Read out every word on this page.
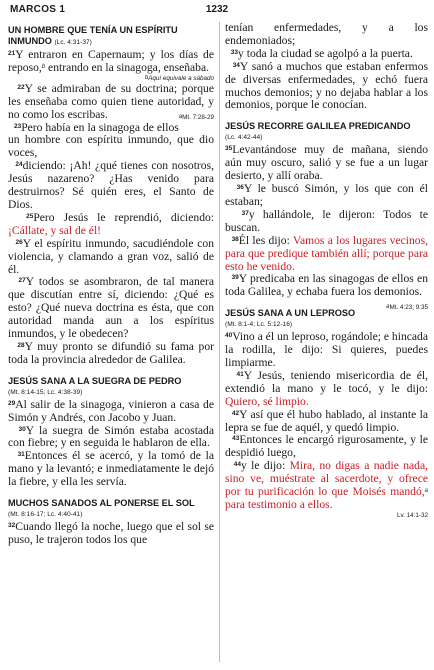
MARCOS 1	1232
UN HOMBRE QUE TENÍA UN ESPÍRITU INMUNDO (Lc. 4:31-37)

$^{21}$Y entraron en Capernaum; y los días de reposo,$^b$ entrando en la sinagoga, enseñaba.

$^b$Aquí equivale a sábado

$^{22}$Y se admiraban de su doctrina; porque les enseñaba como quien tiene autoridad, y no como los escribas.	$^a$Mt. 7:28-29

$^{23}$Pero había en la sinagoga de ellos un hombre con espíritu inmundo, que dio voces,

$^{24}$diciendo: ¡Ah! ¿qué tienes con nosotros, Jesús nazareno? ¿Has venido para destruirnos? Sé quién eres, el Santo de Dios.

$^{25}$Pero Jesús le reprendió, diciendo: ¡Cállate, y sal de él!

$^{26}$Y el espíritu inmundo, sacudiéndole con violencia, y clamando a gran voz, salió de él.

$^{27}$Y todos se asombraron, de tal manera que discutían entre sí, diciendo: ¿Qué es esto? ¿Qué nueva doctrina es ésta, que con autoridad manda aun a los espíritus inmundos, y le obedecen?

$^{28}$Y muy pronto se difundió su fama por toda la provincia alrededor de Galilea.

JESÚS SANA A LA SUEGRA DE PEDRO
(Mt. 8:14-15; Lc. 4:38-39)

$^{29}$Al salir de la sinagoga, vinieron a casa de Simón y Andrés, con Jacobo y Juan.

$^{30}$Y la suegra de Simón estaba acostada con fiebre; y en seguida le hablaron de ella.

$^{31}$Entonces él se acercó, y la tomó de la mano y la levantó; e inmediatamente le dejó la fiebre, y ella les servía.

MUCHOS SANADOS AL PONERSE EL SOL
(Mt. 8:16-17; Lc. 4:40-41)

$^{32}$Cuando llegó la noche, luego que el sol se puso, le trajeron todos los que

tenían enfermedades, y a los endemoniados;

$^{33}$y toda la ciudad se agolpó a la puerta.

$^{34}$Y sanó a muchos que estaban enfermos de diversas enfermedades, y echó fuera muchos demonios; y no dejaba hablar a los demonios, porque le conocían.

JESÚS RECORRE GALILEA PREDICANDO
(Lc. 4:42-44)

$^{35}$Levantándose muy de mañana, siendo aún muy oscuro, salió y se fue a un lugar desierto, y allí oraba.

$^{36}$Y le buscó Simón, y los que con él estaban;

$^{37}$y hallándole, le dijeron: Todos te buscan.

$^{38}$Él les dijo: Vamos a los lugares vecinos, para que predique también allí; porque para esto he venido.

$^{39}$Y predicaba en las sinagogas de ellos en toda Galilea, y echaba fuera los demonios.
$^a$Mt. 4:23; 9:35

JESÚS SANA A UN LEPROSO
(Mt. 8:1-4; Lc. 5:12-16)

$^{40}$Vino a él un leproso, rogándole; e hincada la rodilla, le dijo: Si quieres, puedes limpiarme.

$^{41}$Y Jesús, teniendo misericordia de él, extendió la mano y le tocó, y le dijo: Quiero, sé limpio.

$^{42}$Y así que él hubo hablado, al instante la lepra se fue de aquél, y quedó limpio.

$^{43}$Entonces le encargó rigurosamente, y le despidió luego,

$^{44}$y le dijo: Mira, no digas a nadie nada, sino ve, muéstrate al sacerdote, y ofrece por tu purificación lo que Moisés mandó,$^a$ para testimonio a ellos.

Lv. 14:1-32
